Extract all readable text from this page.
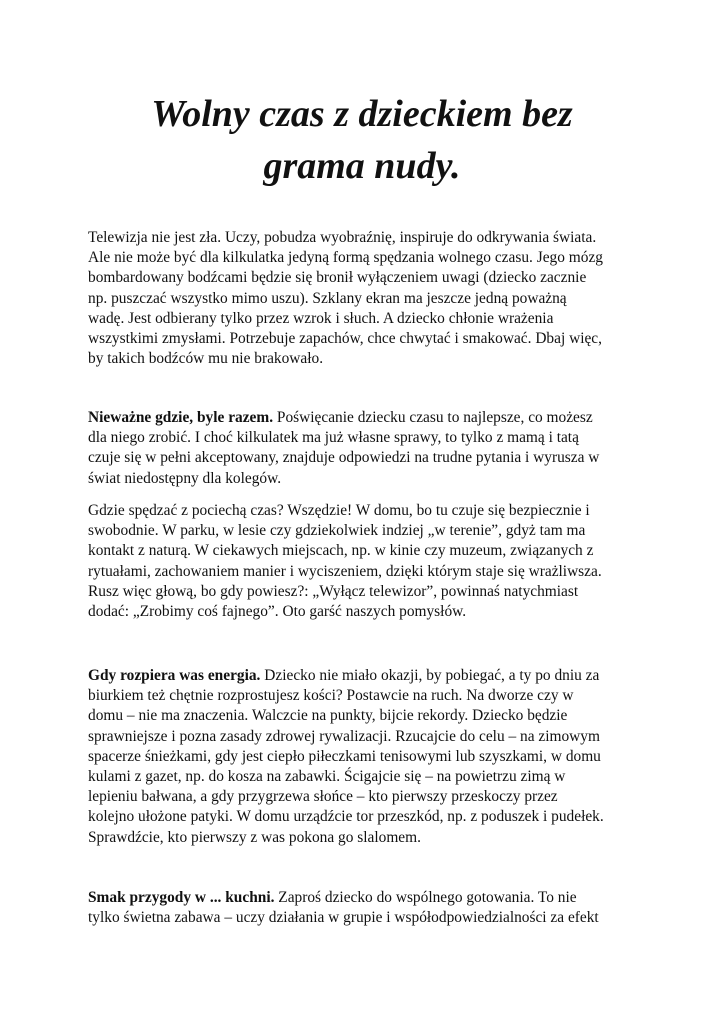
Wolny czas z dzieckiem bez
grama nudy.

Telewizja nie jest zła. Uczy, pobudza wyobraźnię, inspiruje do odkrywania świata.
Ale nie może być dla kilkulatka jedyną formą spędzania wolnego czasu. Jego mózg
bombardowany bodźcami będzie się bronił wyłączeniem uwagi (dziecko zacznie
np. puszczać wszystko mimo uszu). Szklany ekran ma jeszcze jedną poważną
wadę. Jest odbierany tylko przez wzrok i słuch. A dziecko chłonie wrażenia
wszystkimi zmysłami. Potrzebuje zapachów, chce chwytać i smakować. Dbaj więc,
by takich bodźców mu nie brakowało.

Nieważne gdzie, byle razem. Poświęcanie dziecku czasu to najlepsze, co możesz
dla niego zrobić. I choć kilkulatek ma już własne sprawy, to tylko z mamą i tatą
czuje się w pełni akceptowany, znajduje odpowiedzi na trudne pytania i wyrusza w
świat niedostępny dla kolegów.

Gdzie spędzać z pociechą czas? Wszędzie! W domu, bo tu czuje się bezpiecznie i
swobodnie. W parku, w lesie czy gdziekolwiek indziej „w terenie”, gdyż tam ma
kontakt z naturą. W ciekawych miejscach, np. w kinie czy muzeum, związanych z
rytuałami, zachowaniem manier i wyciszeniem, dzięki którym staje się wrażliwsza.
Rusz więc głową, bo gdy powiesz?: „Wyłącz telewizor”, powinnaś natychmiast
dodać: „Zrobimy coś fajnego”. Oto garść naszych pomysłów.

Gdy rozpiera was energia. Dziecko nie miało okazji, by pobiegać, a ty po dniu za
biurkiem też chętnie rozprostujesz kości? Postawcie na ruch. Na dworze czy w
domu – nie ma znaczenia. Walczcie na punkty, bijcie rekordy. Dziecko będzie
sprawniejsze i pozna zasady zdrowej rywalizacji. Rzucajcie do celu – na zimowym
spacerze śnieżkami, gdy jest ciepło piłeczkami tenisowymi lub szyszkami, w domu
kulami z gazet, np. do kosza na zabawki. Ścigajcie się – na powietrzu zimą w
lepieniu bałwana, a gdy przygrzewa słońce – kto pierwszy przeskoczy przez
kolejno ułożone patyki. W domu urządźcie tor przeszkód, np. z poduszek i pudełek.
Sprawdźcie, kto pierwszy z was pokona go slalomem.

Smak przygody w ... kuchni. Zaproś dziecko do wspólnego gotowania. To nie
tylko świetna zabawa – uczy działania w grupie i współodpowiedzialności za efekt
